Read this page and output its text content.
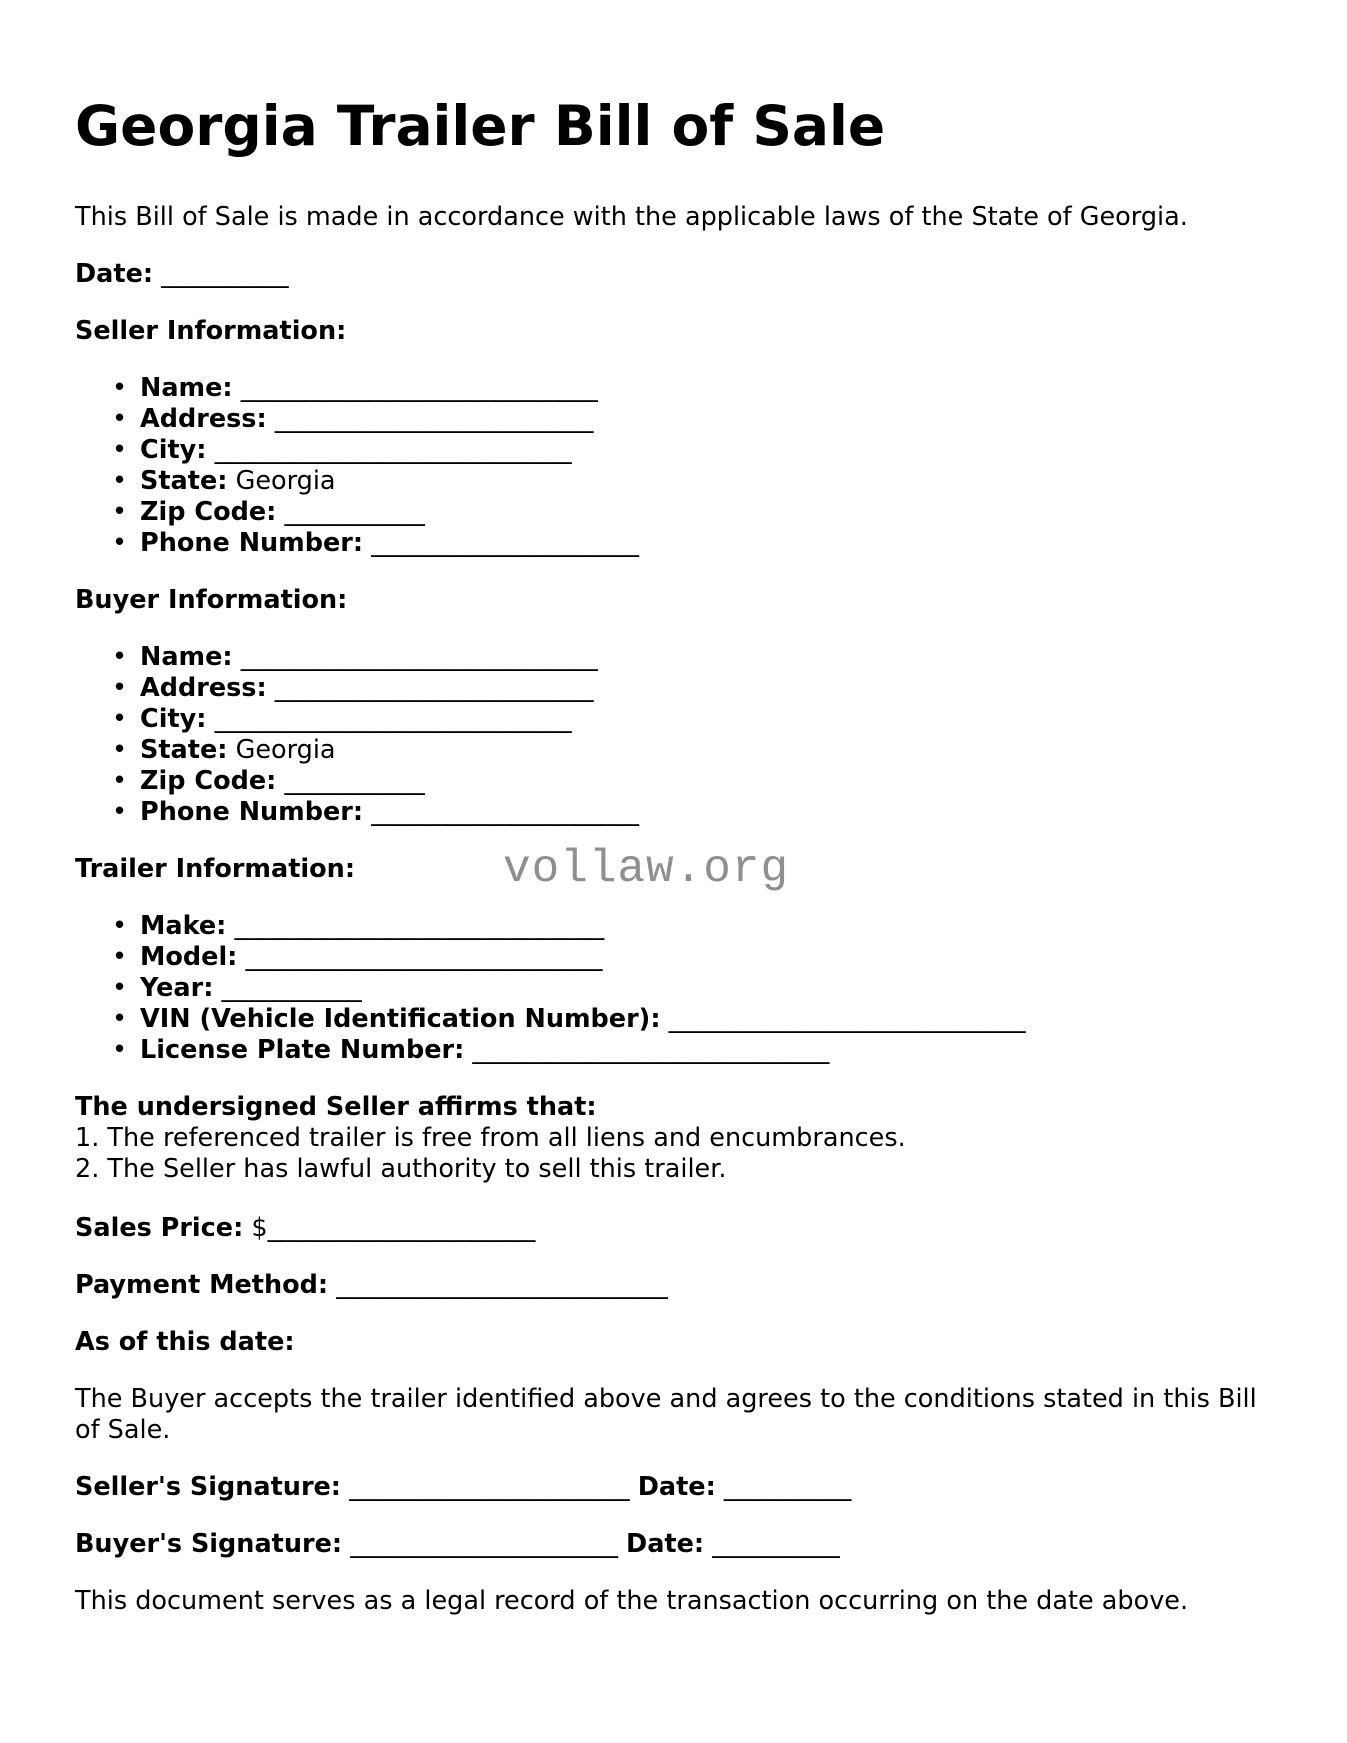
Georgia Trailer Bill of Sale

This Bill of Sale is made in accordance with the applicable laws of the State of Georgia.

Date: __________

Seller Information:

• Name: ____________________________
• Address: _________________________
• City: ____________________________
• State: Georgia
• Zip Code: ___________
• Phone Number: _____________________

Buyer Information:

• Name: ____________________________
• Address: _________________________
• City: ____________________________
• State: Georgia
• Zip Code: ___________
• Phone Number: _____________________

Trailer Information:

• Make: _____________________________
• Model: ____________________________
• Year: ___________
• VIN (Vehicle Identification Number): ____________________________
• License Plate Number: ____________________________

The undersigned Seller affirms that:

1. The referenced trailer is free from all liens and encumbrances.

2. The Seller has lawful authority to sell this trailer.

Sales Price: $_____________________

Payment Method: __________________________

As of this date:

The Buyer accepts the trailer identified above and agrees to the conditions stated in this Bill of Sale.

Seller's Signature: ______________________ Date: __________

Buyer's Signature: _____________________ Date: __________

This document serves as a legal record of the transaction occurring on the date above.

vollaw.org
